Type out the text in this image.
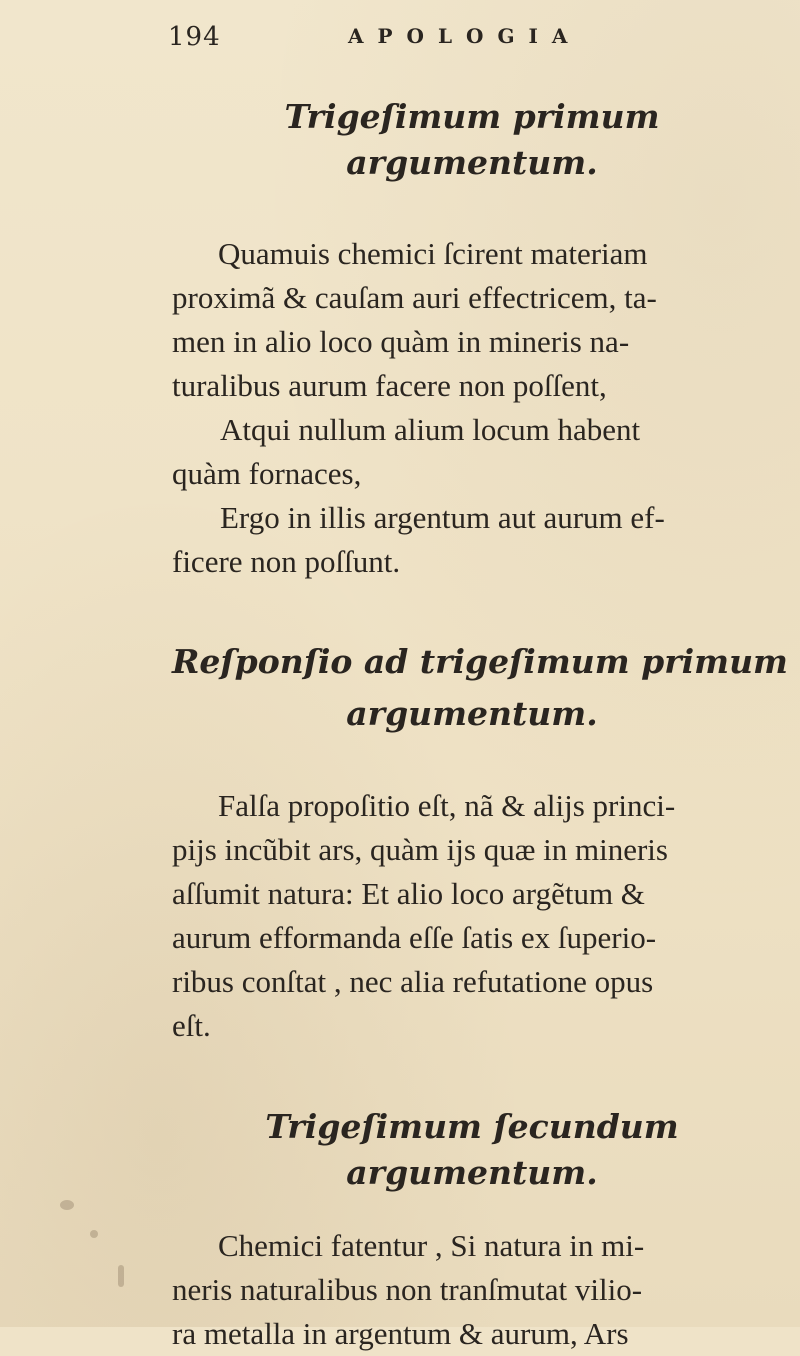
194	APOLOGIA
Trigeſimum primum argumentum.

Quamuis chemici ſcirent materiam
proximã & cauſam auri effectricem, ta-
men in alio loco quàm in mineris na-
turalibus aurum facere non poſſent,
Atqui nullum alium locum habent
quàm fornaces,
Ergo in illis argentum aut aurum ef-
ficere non poſſunt.

Reſponſio ad trigeſimum primum
argumentum.

Falſa propoſitio eſt, nã & alijs princi-
pijs incũbit ars, quàm ijs quæ in mineris
aſſumit natura: Et alio loco argẽtum &
aurum efformanda eſſe ſatis ex ſuperio-
ribus conſtat , nec alia refutatione opus
eſt.

Trigeſimum ſecundum argumentum.

Chemici fatentur , Si natura in mi-
neris naturalibus non tranſmutat vilio-
ra metalla in argentum & aurum, Ars
